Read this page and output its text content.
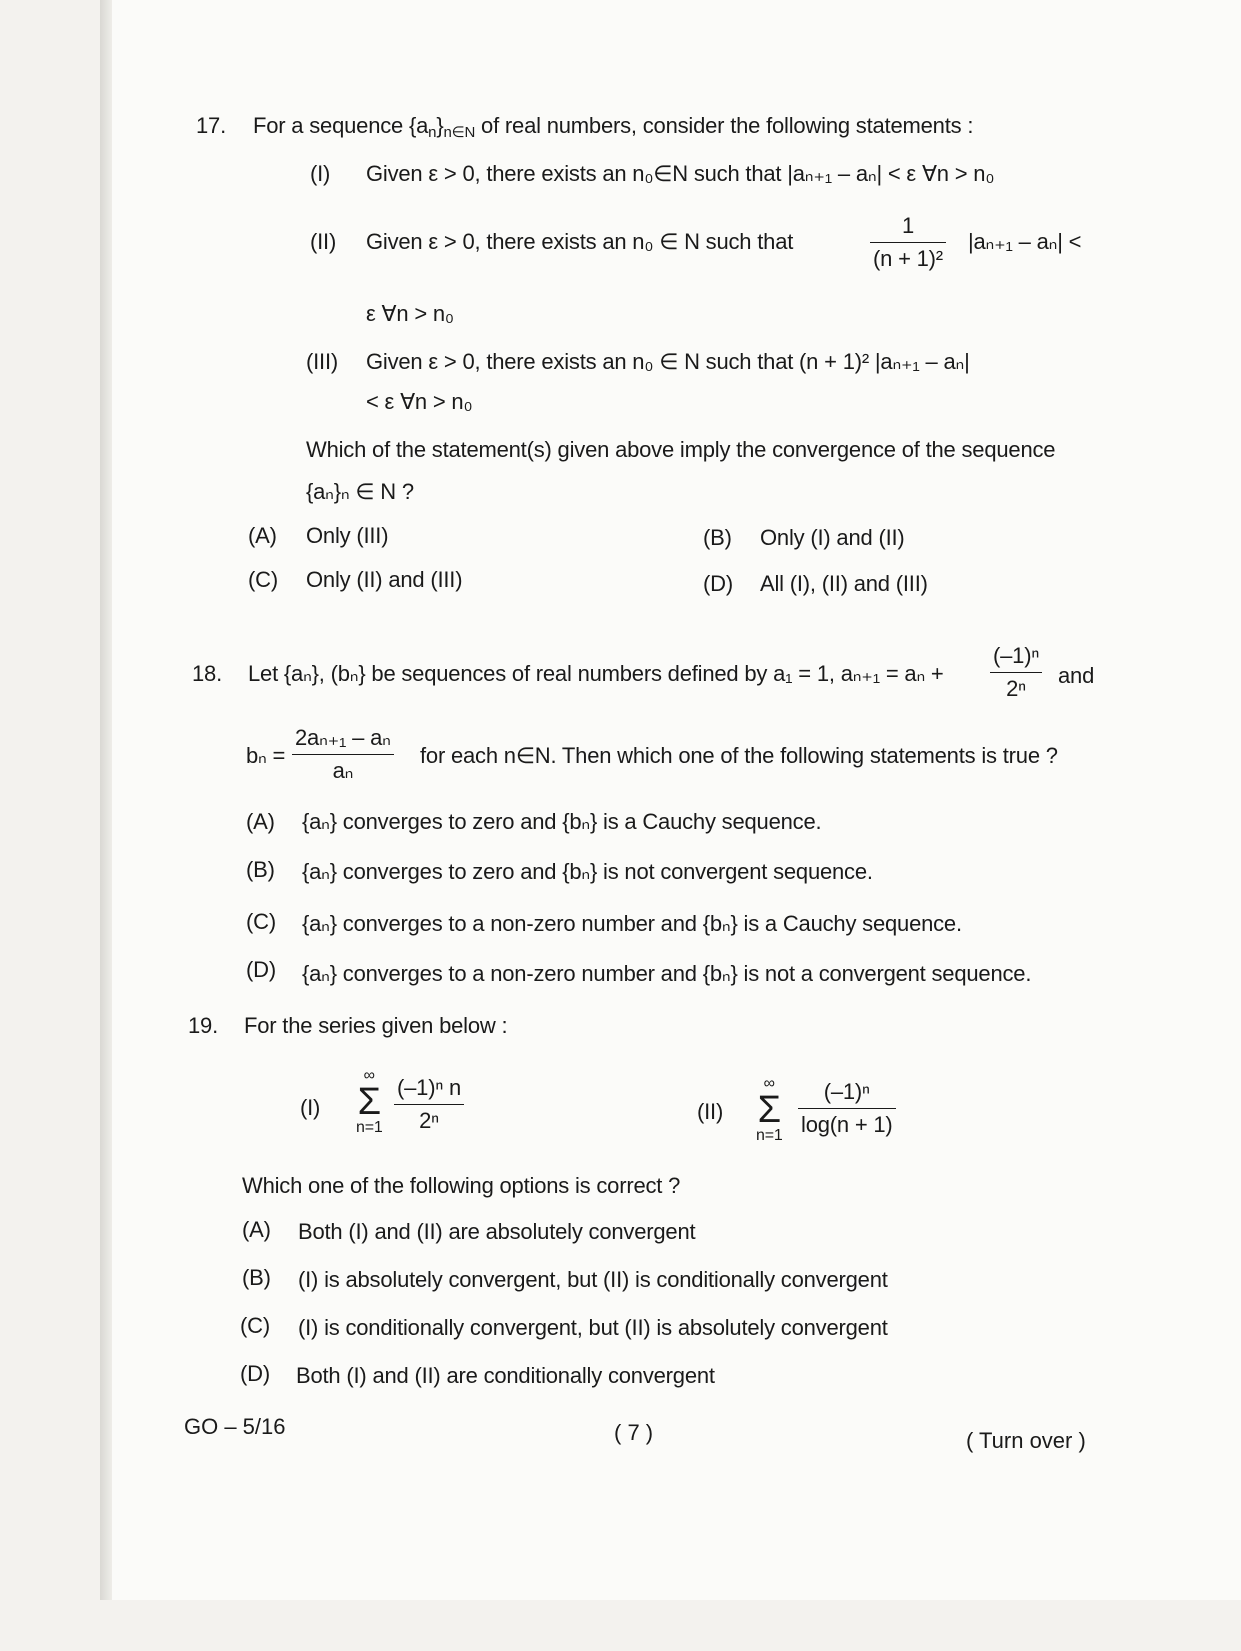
17. For a sequence $\{a_n\}_{n\in N}$ of real numbers, consider the following statements :
(I) Given ε > 0, there exists an n₀∈N such that |aₙ₊₁ – aₙ| < ε ∀n > n₀
(II) Given ε > 0, there exists an n₀ ∈ N such that	$\frac{1}{\text{(n + 1)²}} |a_{n+1} - a_n|$ <
ε ∀n > n₀
(III) Given ε > 0, there exists an n₀ ∈ N such that (n + 1)² |aₙ₊₁ – aₙ|
< ε ∀n > n₀
Which of the statement(s) given above imply the convergence of the sequence
{aₙ}ₙ ∈ N ?
(A) Only (III)	(B) Only (I) and (II)
(C) Only (II) and (III)	(D) All (I), (II) and (III)
18. Let {aₙ}, (bₙ} be sequences of real numbers defined by a₁ = 1, $a_{n+1} = a_n + \frac{\text{(–1)ⁿ}}{\text{2ⁿ}}$ and
$b_n = \frac{\text{2aₙ₊₁ – aₙ}}{\text{aₙ}}$ for each n∈N. Then which one of the following statements is true ?
(A) {aₙ} converges to zero and {bₙ} is a Cauchy sequence.
(B) {aₙ} converges to zero and {bₙ} is not convergent sequence.
(C) {aₙ} converges to a non-zero number and {bₙ} is a Cauchy sequence.
(D) {aₙ} converges to a non-zero number and {bₙ} is not a convergent sequence.
19. For the series given below :
(I)
∞
Σ
$n=1 \frac{\text{(–1)ⁿ n}}{\text{2ⁿ}}$	(II)
∞
Σ
$n=1 \frac{\text{(–1)ⁿ}}{\log(n + 1)}$
Which one of the following options is correct ?
(A) Both (I) and (II) are absolutely convergent
(B) (I) is absolutely convergent, but (II) is conditionally convergent
(C) (I) is conditionally convergent, but (II) is absolutely convergent
(D) Both (I) and (II) are conditionally convergent
GO – 5/16	( 7 )	( Turn over )
